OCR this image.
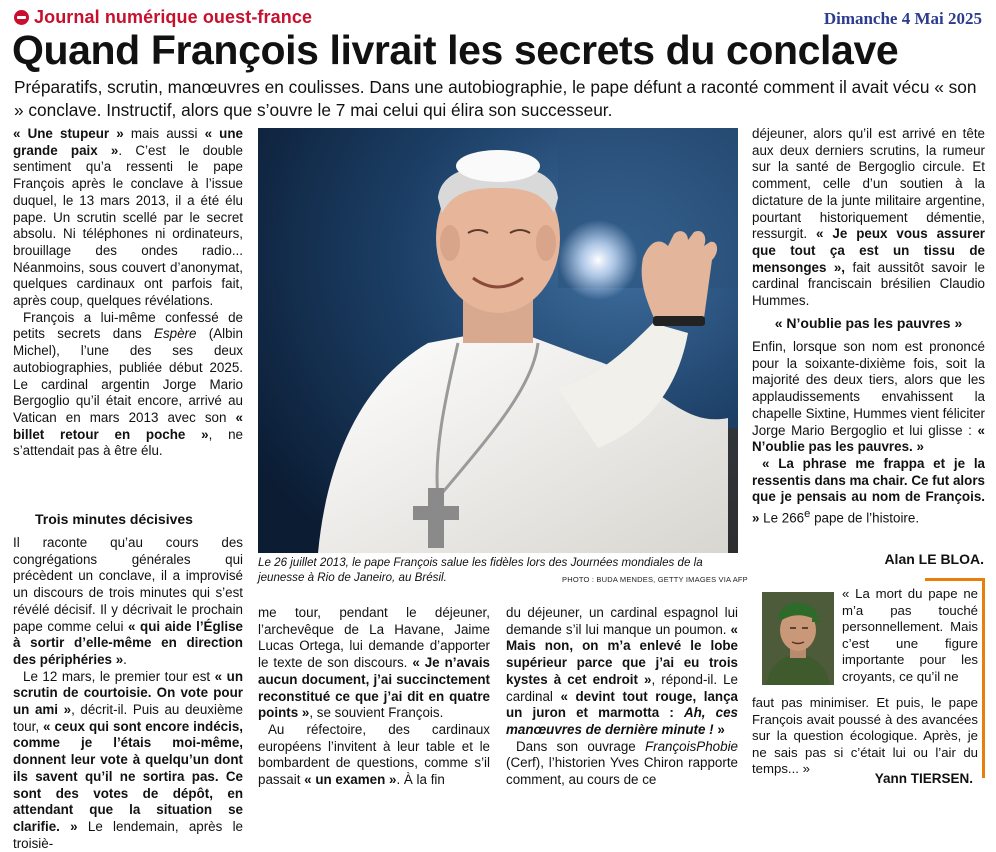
Journal numérique ouest-france	Dimanche 4 Mai 2025
Quand François livrait les secrets du conclave

Préparatifs, scrutin, manœuvres en coulisses. Dans une autobiographie, le pape défunt a raconté comment il avait vécu « son » conclave. Instructif, alors que s’ouvre le 7 mai celui qui élira son successeur.

« Une stupeur » mais aussi « une grande paix ». C’est le double sentiment qu’a ressenti le pape François après le conclave à l’issue duquel, le 13 mars 2013, il a été élu pape. Un scrutin scellé par le secret absolu. Ni téléphones ni ordinateurs, brouillage des ondes radio... Néanmoins, sous couvert d’anonymat, quelques cardinaux ont parfois fait, après coup, quelques révélations.

François a lui-même confessé de petits secrets dans Espère (Albin Michel), l’une des ses deux autobiographies, publiée début 2025. Le cardinal argentin Jorge Mario Bergoglio qu’il était encore, arrivé au Vatican en mars 2013 avec son « billet retour en poche », ne s’attendait pas à être élu.

Trois minutes décisives

Il raconte qu’au cours des congrégations générales qui précèdent un conclave, il a improvisé un discours de trois minutes qui s’est révélé décisif. Il y décrivait le prochain pape comme celui « qui aide l’Église à sortir d’elle-même en direction des périphéries ».

Le 12 mars, le premier tour est « un scrutin de courtoisie. On vote pour un ami », décrit-il. Puis au deuxième tour, « ceux qui sont encore indécis, comme je l’étais moi-même, donnent leur vote à quelqu’un dont ils savent qu’il ne sortira pas. Ce sont des votes de dépôt, en attendant que la situation se clarifie. » Le lendemain, après le troisiè-

Le 26 juillet 2013, le pape François salue les fidèles lors des Journées mondiales de la jeunesse à Rio de Janeiro, au Brésil.	PHOTO : BUDA MENDES, GETTY IMAGES VIA AFP

me tour, pendant le déjeuner, l’archevêque de La Havane, Jaime Lucas Ortega, lui demande d’apporter le texte de son discours. « Je n’avais aucun document, j’ai succinctement reconstitué ce que j’ai dit en quatre points », se souvient François.

Au réfectoire, des cardinaux européens l’invitent à leur table et le bombardent de questions, comme s’il passait « un examen ». À la fin

du déjeuner, un cardinal espagnol lui demande s’il lui manque un poumon. « Mais non, on m’a enlevé le lobe supérieur parce que j’ai eu trois kystes à cet endroit », répond-il. Le cardinal « devint tout rouge, lança un juron et marmotta : Ah, ces manœuvres de dernière minute ! »

Dans son ouvrage FrançoisPhobie (Cerf), l’historien Yves Chiron rapporte comment, au cours de ce

déjeuner, alors qu’il est arrivé en tête aux deux derniers scrutins, la rumeur sur la santé de Bergoglio circule. Et comment, celle d’un soutien à la dictature de la junte militaire argentine, pourtant historiquement démentie, ressurgit. « Je peux vous assurer que tout ça est un tissu de mensonges », fait aussitôt savoir le cardinal franciscain brésilien Claudio Hummes.

« N’oublie pas les pauvres »

Enfin, lorsque son nom est prononcé pour la soixante-dixième fois, soit la majorité des deux tiers, alors que les applaudissements envahissent la chapelle Sixtine, Hummes vient féliciter Jorge Mario Bergoglio et lui glisse : « N’oublie pas les pauvres. »

« La phrase me frappa et je la ressentis dans ma chair. Ce fut alors que je pensais au nom de François. » Le 266e pape de l’histoire.

Alan LE BLOA.
« La mort du pape ne m’a pas touché personnellement. Mais c’est une figure importante pour les croyants, ce qu’il ne
faut pas minimiser. Et puis, le pape François avait poussé à des avancées sur la question écologique. Après, je ne sais pas si c’était lui ou l’air du temps... »
Yann TIERSEN.
